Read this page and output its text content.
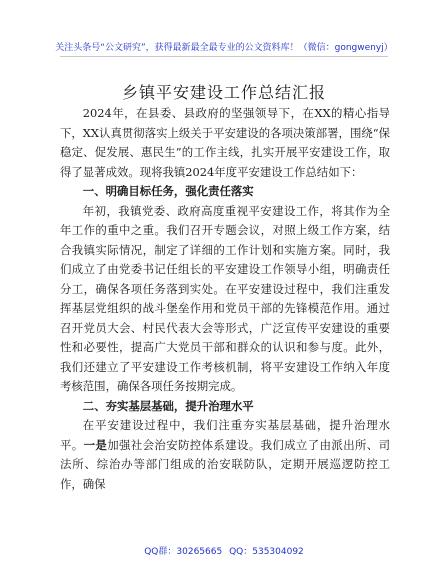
关注头条号“公文研究”，获得最新最全最专业的公文资料库！（微信：gongwenyj）
乡镇平安建设工作总结汇报

2024年，在县委、县政府的坚强领导下，在XX的精心指导下，XX认真贯彻落实上级关于平安建设的各项决策部署，围绕“保稳定、促发展、惠民生”的工作主线，扎实开展平安建设工作，取得了显著成效。现将我镇2024年度平安建设工作总结如下：

一、明确目标任务，强化责任落实

年初，我镇党委、政府高度重视平安建设工作，将其作为全年工作的重中之重。我们召开专题会议，对照上级工作方案，结合我镇实际情况，制定了详细的工作计划和实施方案。同时，我们成立了由党委书记任组长的平安建设工作领导小组，明确责任分工，确保各项任务落到实处。在平安建设过程中，我们注重发挥基层党组织的战斗堡垒作用和党员干部的先锋模范作用。通过召开党员大会、村民代表大会等形式，广泛宣传平安建设的重要性和必要性，提高广大党员干部和群众的认识和参与度。此外，我们还建立了平安建设工作考核机制，将平安建设工作纳入年度考核范围，确保各项任务按期完成。

二、夯实基层基础，提升治理水平

在平安建设过程中，我们注重夯实基层基础，提升治理水平。一是加强社会治安防控体系建设。我们成立了由派出所、司法所、综治办等部门组成的治安联防队，定期开展巡逻防控工作，确保

QQ群：30265665 QQ：535304092
